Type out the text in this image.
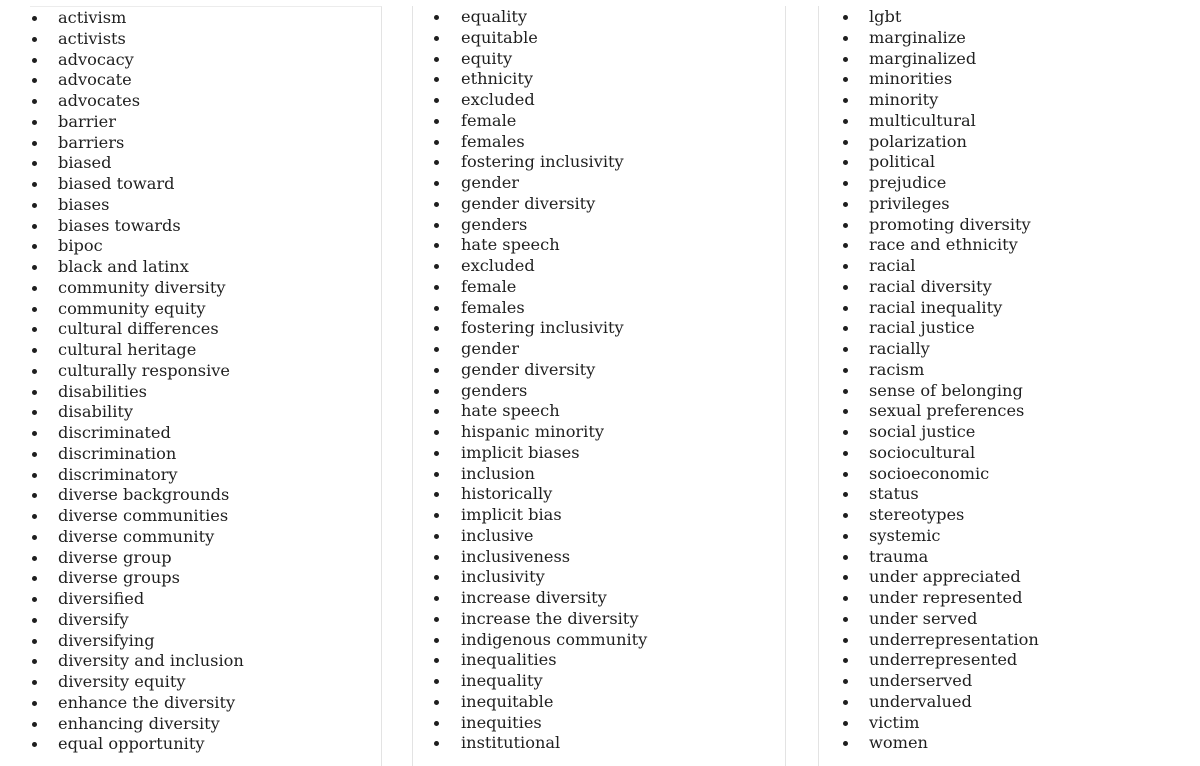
activism
activists
advocacy
advocate
advocates
barrier
barriers
biased
biased toward
biases
biases towards
bipoc
black and latinx
community diversity
community equity
cultural differences
cultural heritage
culturally responsive
disabilities
disability
discriminated
discrimination
discriminatory
diverse backgrounds
diverse communities
diverse community
diverse group
diverse groups
diversified
diversify
diversifying
diversity and inclusion
diversity equity
enhance the diversity
enhancing diversity
equal opportunity
equality
equitable
equity
ethnicity
excluded
female
females
fostering inclusivity
gender
gender diversity
genders
hate speech
excluded
female
females
fostering inclusivity
gender
gender diversity
genders
hate speech
hispanic minority
implicit biases
inclusion
historically
implicit bias
inclusive
inclusiveness
inclusivity
increase diversity
increase the diversity
indigenous community
inequalities
inequality
inequitable
inequities
institutional
lgbt
marginalize
marginalized
minorities
minority
multicultural
polarization
political
prejudice
privileges
promoting diversity
race and ethnicity
racial
racial diversity
racial inequality
racial justice
racially
racism
sense of belonging
sexual preferences
social justice
sociocultural
socioeconomic
status
stereotypes
systemic
trauma
under appreciated
under represented
under served
underrepresentation
underrepresented
underserved
undervalued
victim
women
